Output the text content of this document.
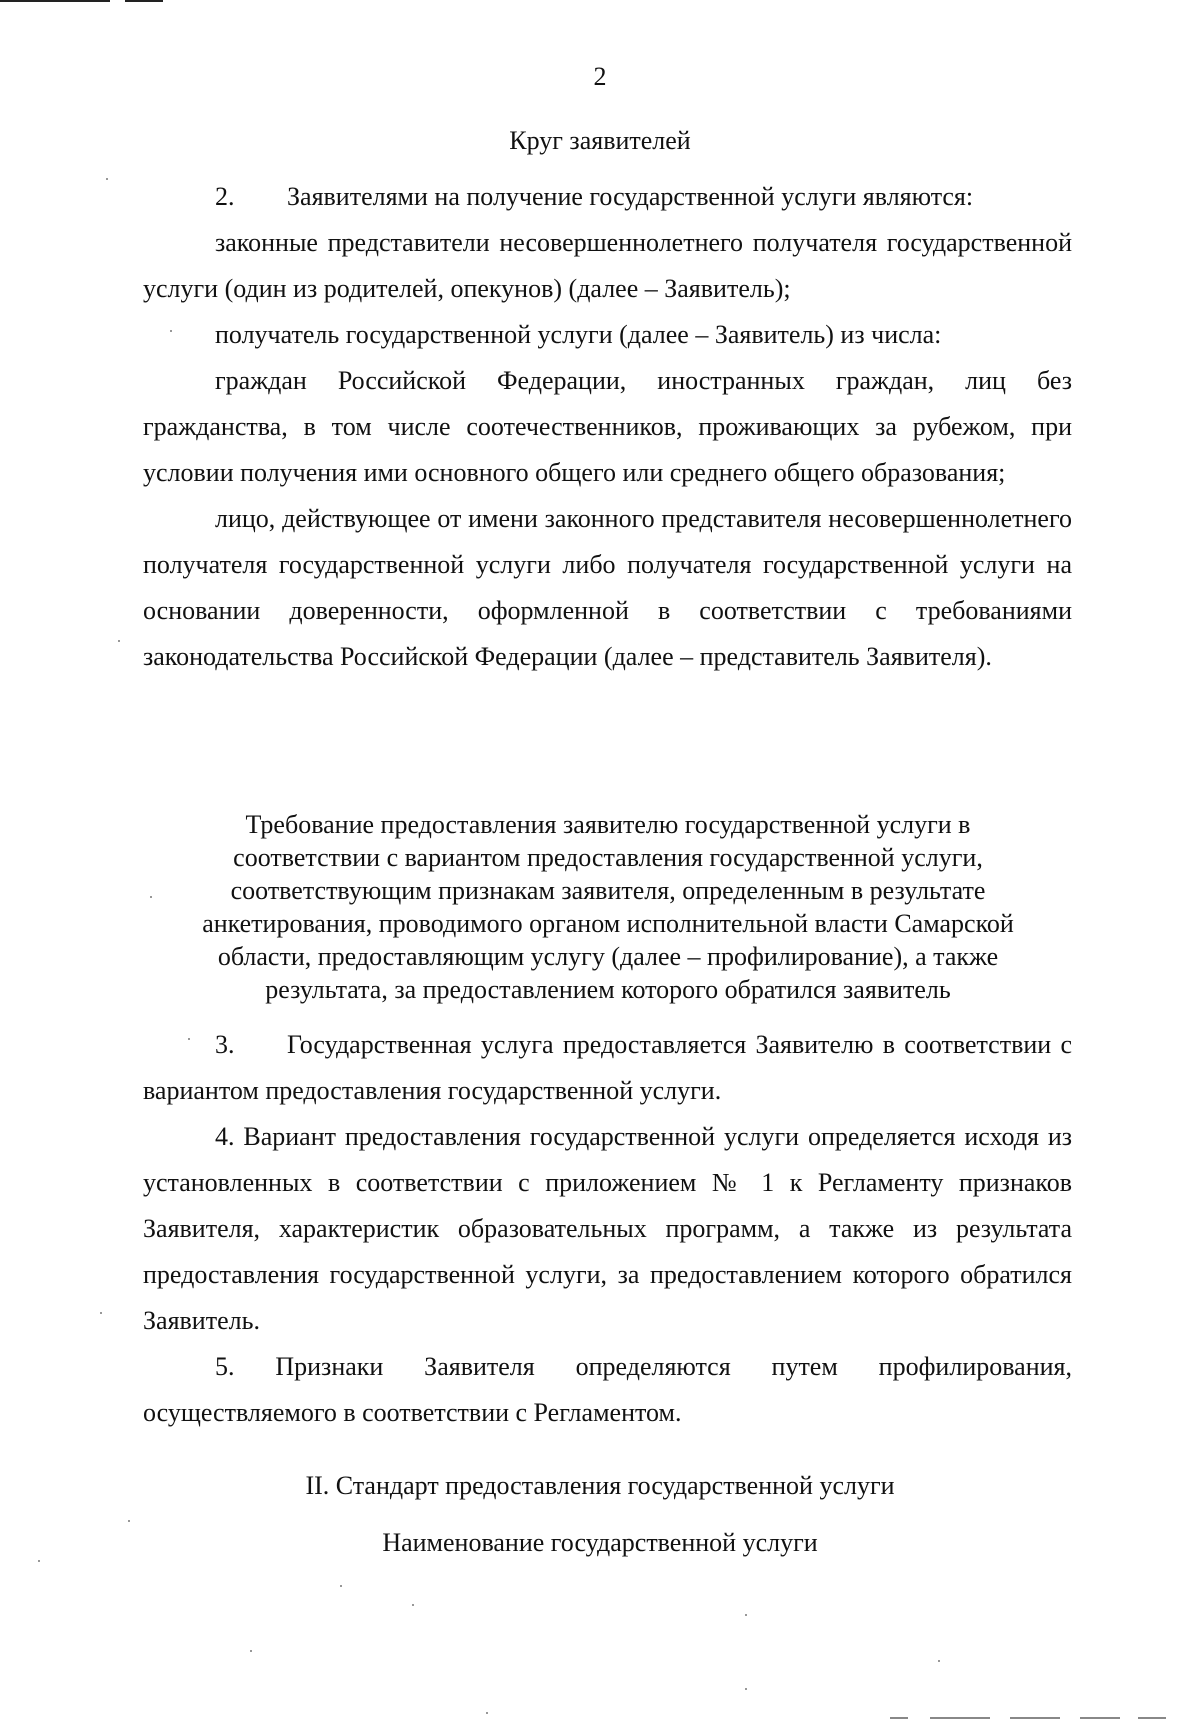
2
Круг заявителей

2. Заявителями на получение государственной услуги являются:

законные представители несовершеннолетнего получателя государственной услуги (один из родителей, опекунов) (далее – Заявитель);

получатель государственной услуги (далее – Заявитель) из числа:

граждан Российской Федерации, иностранных граждан, лиц без гражданства, в том числе соотечественников, проживающих за рубежом, при условии получения ими основного общего или среднего общего образования;

лицо, действующее от имени законного представителя несовершеннолетнего получателя государственной услуги либо получателя государственной услуги на основании доверенности, оформленной в соответствии с требованиями законодательства Российской Федерации (далее – представитель Заявителя).

Требование предоставления заявителю государственной услуги в

соответствии с вариантом предоставления государственной услуги,

соответствующим признакам заявителя, определенным в результате

анкетирования, проводимого органом исполнительной власти Самарской

области, предоставляющим услугу (далее – профилирование), а также

результата, за предоставлением которого обратился заявитель

3. Государственная услуга предоставляется Заявителю в соответствии с вариантом предоставления государственной услуги.

4. Вариант предоставления государственной услуги определяется исходя из установленных в соответствии с приложением № 1 к Регламенту признаков Заявителя, характеристик образовательных программ, а также из результата предоставления государственной услуги, за предоставлением которого обратился Заявитель.

5. Признаки Заявителя определяются путем профилирования, осуществляемого в соответствии с Регламентом.

II. Стандарт предоставления государственной услуги
Наименование государственной услуги
